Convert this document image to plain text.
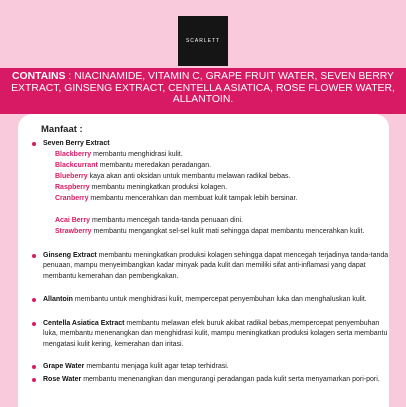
SCARLETT
CONTAINS : NIACINAMIDE, VITAMIN C, GRAPE FRUIT WATER, SEVEN BERRY EXTRACT, GINSENG EXTRACT, CENTELLA ASIATICA, ROSE FLOWER WATER, ALLANTOIN.
Manfaat :
Seven Berry Extract
Blackberry membantu menghidrasi kulit.
Blackcurrant membantu meredakan peradangan.
Blueberry kaya akan anti oksidan untuk membantu melawan radikal bebas.
Raspberry membantu meningkatkan produksi kolagen.
Cranberry membantu mencerahkan dan membuat kulit tampak lebih bersinar.
Acai Berry membantu mencegah tanda-tanda penuaan dini.
Strawberry membantu mengangkat sel-sel kulit mati sehingga dapat membantu mencerahkan kulit.
Ginseng Extract membantu meningkatkan produksi kolagen sehingga dapat mencegah terjadinya tanda-tanda penuaan, mampu menyeimbangkan kadar minyak pada kulit dan memiliki sifat anti-inflamasi yang dapat membantu kemerahan dan pembengkakan.
Allantoin membantu untuk menghidrasi kulit, mempercepat penyembuhan luka dan menghaluskan kulit.
Centella Asiatica Extract membantu melawan efek buruk akibat radikal bebas,mempercepat penyembuhan luka, membantu menenangkan dan menghidrasi kulit, mampu meningkatkan produksi kolagen serta membantu mengatasi kulit kering, kemerahan dan iritasi.
Grape Water membantu menjaga kulit agar tetap terhidrasi.
Rose Water membantu menenangkan dan mengurangi peradangan pada kulit serta menyamarkan pori-pori.
